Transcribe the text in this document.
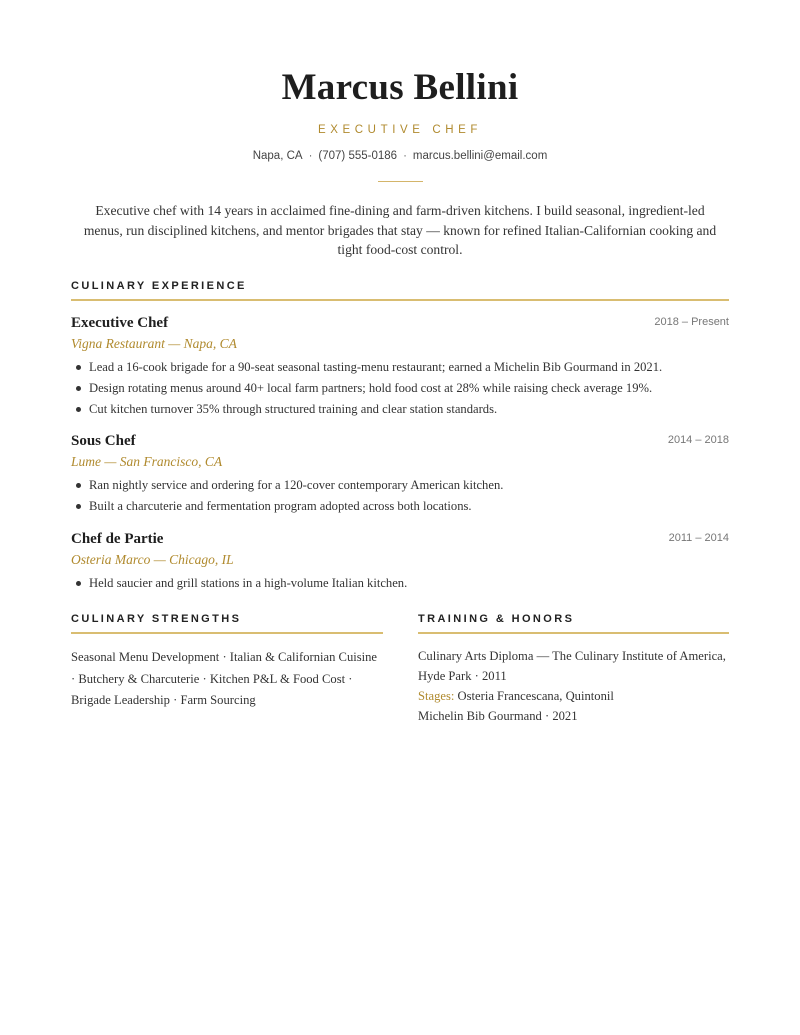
Marcus Bellini
EXECUTIVE CHEF
Napa, CA · (707) 555-0186 · marcus.bellini@email.com
Executive chef with 14 years in acclaimed fine-dining and farm-driven kitchens. I build seasonal, ingredient-led menus, run disciplined kitchens, and mentor brigades that stay — known for refined Italian-Californian cooking and tight food-cost control.
CULINARY EXPERIENCE
Executive Chef	2018 – Present
Vigna Restaurant — Napa, CA
Lead a 16-cook brigade for a 90-seat seasonal tasting-menu restaurant; earned a Michelin Bib Gourmand in 2021.
Design rotating menus around 40+ local farm partners; hold food cost at 28% while raising check average 19%.
Cut kitchen turnover 35% through structured training and clear station standards.
Sous Chef	2014 – 2018
Lume — San Francisco, CA
Ran nightly service and ordering for a 120-cover contemporary American kitchen.
Built a charcuterie and fermentation program adopted across both locations.
Chef de Partie	2011 – 2014
Osteria Marco — Chicago, IL
Held saucier and grill stations in a high-volume Italian kitchen.
CULINARY STRENGTHS
Seasonal Menu Development · Italian & Californian Cuisine · Butchery & Charcuterie · Kitchen P&L & Food Cost · Brigade Leadership · Farm Sourcing
TRAINING & HONORS
Culinary Arts Diploma — The Culinary Institute of America, Hyde Park · 2011
Stages: Osteria Francescana, Quintonil
Michelin Bib Gourmand · 2021
